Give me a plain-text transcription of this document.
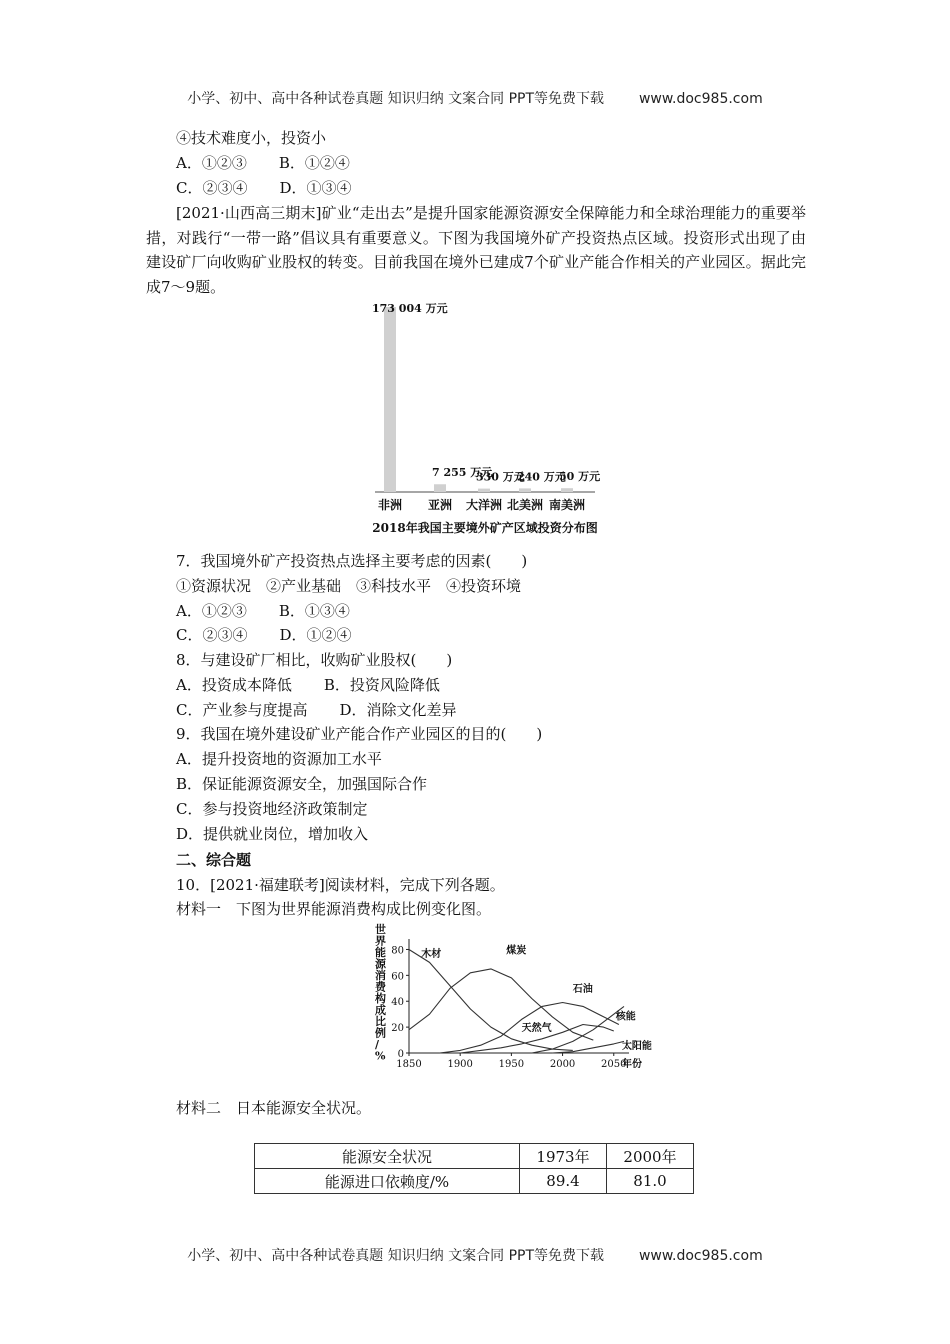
小学、初中、高中各种试卷真题 知识归纳 文案合同 PPT等免费下载 www.doc985.com
④技术难度小，投资小
A．①②③ B．①②④
C．②③④ D．①③④
[2021·山西高三期末]矿业“走出去”是提升国家能源资源安全保障能力和全球治理能力的重要举措，对践行“一带一路”倡议具有重要意义。下图为我国境外矿产投资热点区域。投资形式出现了由建设矿厂向收购矿业股权的转变。目前我国在境外已建成7个矿业产能合作相关的产业园区。据此完成7～9题。
173 004 万元
非洲
7 255 万元
亚洲
330 万元
大洋洲
240 万元
北美洲
50 万元
南美洲
2018年我国主要境外矿产区域投资分布图
7．我国境外矿产投资热点选择主要考虑的因素(　　)
①资源状况　②产业基础　③科技水平　④投资环境
A．①②③ B．①③④
C．②③④ D．①②④
8．与建设矿厂相比，收购矿业股权(　　)
A．投资成本降低 B．投资风险降低
C．产业参与度提高 D．消除文化差异
9．我国在境外建设矿业产能合作产业园区的目的(　　)
A．提升投资地的资源加工水平
B．保证能源资源安全，加强国际合作
C．参与投资地经济政策制定
D．提供就业岗位，增加收入
二、综合题
10．[2021·福建联考]阅读材料，完成下列各题。
材料一　下图为世界能源消费构成比例变化图。
世界能源消费构成比例/ % 0
20
40
60
80
1850	1900	1950	2000	2050
年份
木材	煤炭
石油
天然气
核能
太阳能
材料二　日本能源安全状况。
能源安全状况	1973年	2000年
能源进口依赖度/%	89.4	81.0
小学、初中、高中各种试卷真题 知识归纳 文案合同 PPT等免费下载 www.doc985.com
